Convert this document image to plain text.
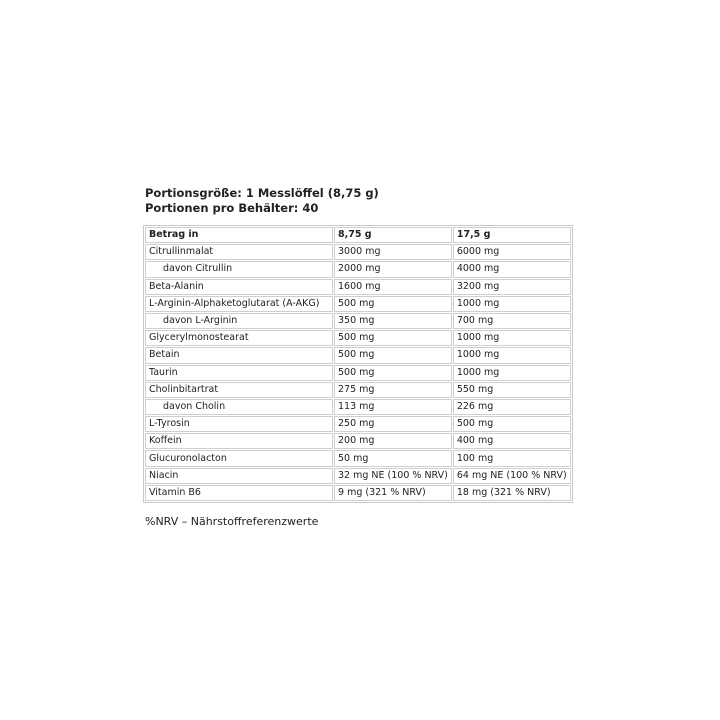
Portionsgröße: 1 Messlöffel (8,75 g)

Portionen pro Behälter: 40

Betrag in	8,75 g	17,5 g
Citrullinmalat	3000 mg	6000 mg
davon Citrullin	2000 mg	4000 mg
Beta-Alanin	1600 mg	3200 mg
L-Arginin-Alphaketoglutarat (A-AKG)	500 mg	1000 mg
davon L-Arginin	350 mg	700 mg
Glycerylmonostearat	500 mg	1000 mg
Betain	500 mg	1000 mg
Taurin	500 mg	1000 mg
Cholinbitartrat	275 mg	550 mg
davon Cholin	113 mg	226 mg
L-Tyrosin	250 mg	500 mg
Koffein	200 mg	400 mg
Glucuronolacton	50 mg	100 mg
Niacin	32 mg NE (100 % NRV)	64 mg NE (100 % NRV)
Vitamin B6	9 mg (321 % NRV)	18 mg (321 % NRV)
%NRV – Nährstoffreferenzwerte
